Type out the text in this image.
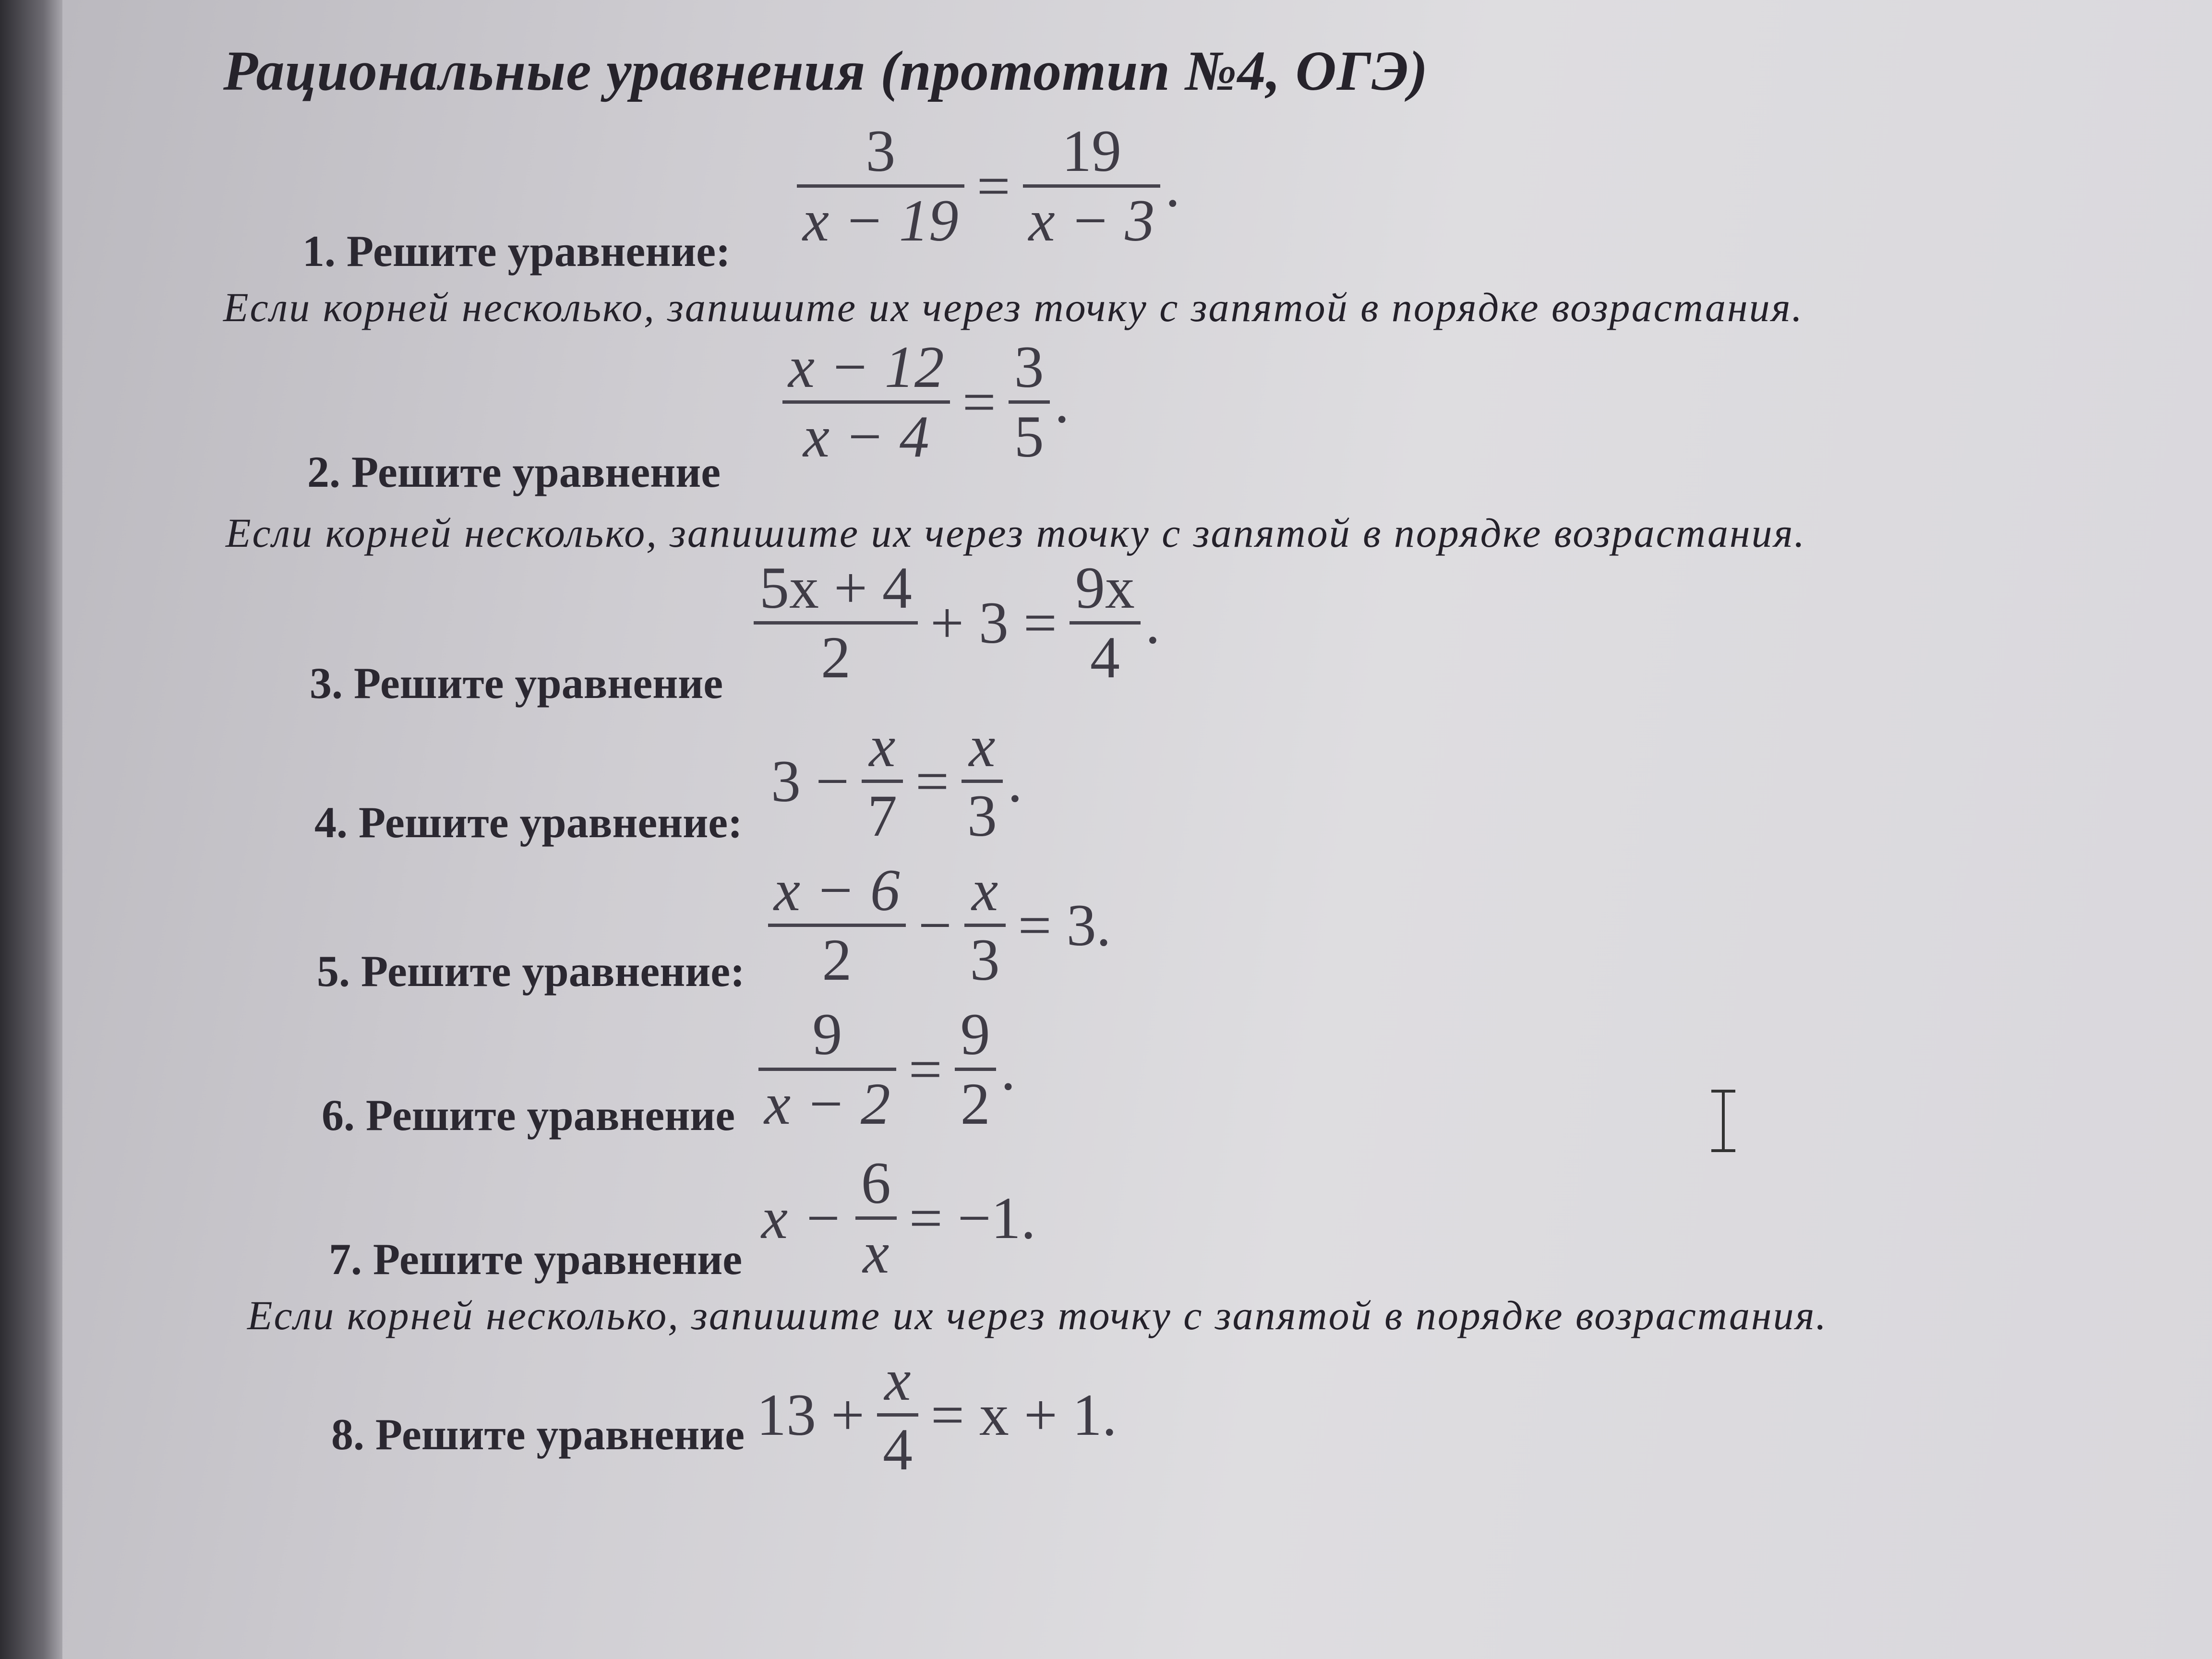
Рациональные уравнения (прототип №4, ОГЭ)
3
x − 19
=
19
x − 3
.
1. Решите уравнение:
Если корней несколько, запишите их через точку с запятой в порядке возрастания.
x − 12
x − 4
=
3
5
.
2. Решите уравнение
Если корней несколько, запишите их через точку с запятой в порядке возрастания.
5x + 4
2
+ 3 =
9x
4
.
3. Решите уравнение
3 −
x
7
=
x
3
.
4. Решите уравнение:
x − 6
2
−
x
3
= 3.
5. Решите уравнение:
9
x − 2
=
9
2
.
6. Решите уравнение
x −
6
x
= −1.
7. Решите уравнение
Если корней несколько, запишите их через точку с запятой в порядке возрастания.
13 +
x
4
= x + 1.
8. Решите уравнение
